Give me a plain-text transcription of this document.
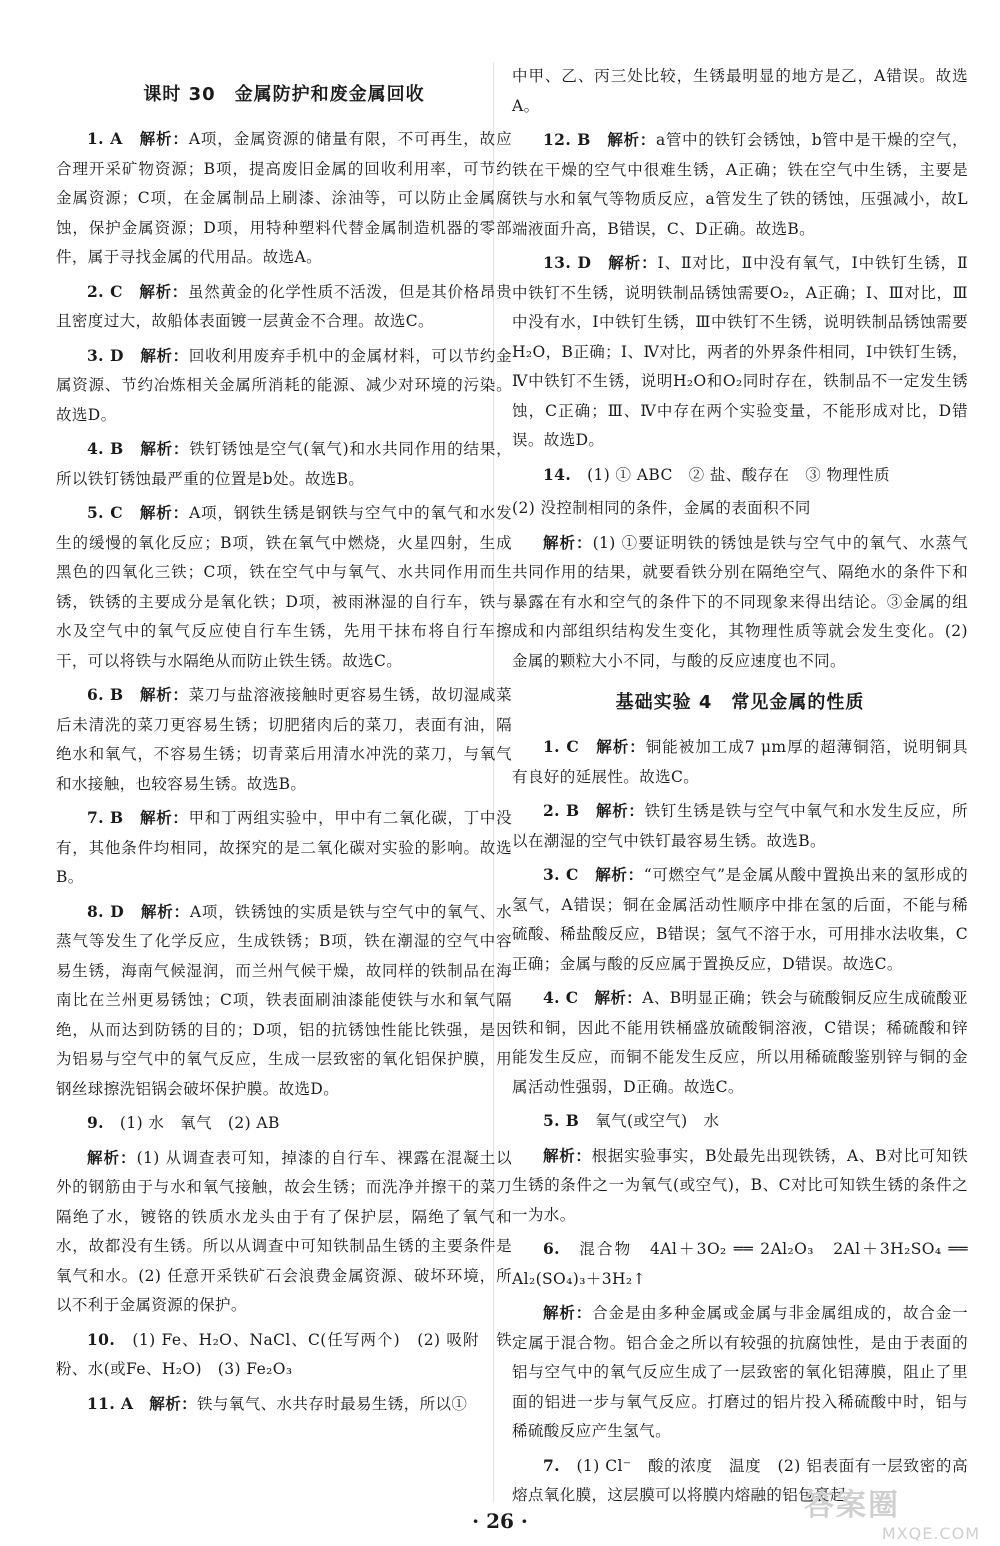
课时 30　金属防护和废金属回收

1. A　 解析：A项，金属资源的储量有限，不可再生，故应合理开采矿物资源；B项，提高废旧金属的回收利用率，可节约金属资源；C项，在金属制品上刷漆、涂油等，可以防止金属腐蚀，保护金属资源；D项，用特种塑料代替金属制造机器的零部件，属于寻找金属的代用品。故选A。

2. C　 解析：虽然黄金的化学性质不活泼，但是其价格昂贵且密度过大，故船体表面镀一层黄金不合理。故选C。

3. D　 解析：回收利用废弃手机中的金属材料，可以节约金属资源、节约冶炼相关金属所消耗的能源、减少对环境的污染。故选D。

4. B　 解析：铁钉锈蚀是空气(氧气)和水共同作用的结果，所以铁钉锈蚀最严重的位置是b处。故选B。

5. C　 解析：A项，钢铁生锈是钢铁与空气中的氧气和水发生的缓慢的氧化反应；B项，铁在氧气中燃烧，火星四射，生成黑色的四氧化三铁；C项，铁在空气中与氧气、水共同作用而生锈，铁锈的主要成分是氧化铁；D项，被雨淋湿的自行车，铁与水及空气中的氧气反应使自行车生锈，先用干抹布将自行车擦干，可以将铁与水隔绝从而防止铁生锈。故选C。

6. B　 解析：菜刀与盐溶液接触时更容易生锈，故切湿咸菜后未清洗的菜刀更容易生锈；切肥猪肉后的菜刀，表面有油，隔绝水和氧气，不容易生锈；切青菜后用清水冲洗的菜刀，与氧气和水接触，也较容易生锈。故选B。

7. B　 解析：甲和丁两组实验中，甲中有二氧化碳，丁中没有，其他条件均相同，故探究的是二氧化碳对实验的影响。故选B。

8. D　 解析：A项，铁锈蚀的实质是铁与空气中的氧气、水蒸气等发生了化学反应，生成铁锈；B项，铁在潮湿的空气中容易生锈，海南气候湿润，而兰州气候干燥，故同样的铁制品在海南比在兰州更易锈蚀；C项，铁表面刷油漆能使铁与水和氧气隔绝，从而达到防锈的目的；D项，铝的抗锈蚀性能比铁强，是因为铝易与空气中的氧气反应，生成一层致密的氧化铝保护膜，用钢丝球擦洗铝锅会破坏保护膜。故选D。

9.　 (1) 水　氧气　(2) AB

解析：(1) 从调查表可知，掉漆的自行车、裸露在混凝土以外的钢筋由于与水和氧气接触，故会生锈；而洗净并擦干的菜刀隔绝了水，镀铬的铁质水龙头由于有了保护层，隔绝了氧气和水，故都没有生锈。所以从调查中可知铁制品生锈的主要条件是氧气和水。(2) 任意开采铁矿石会浪费金属资源、破坏环境，所以不利于金属资源的保护。

10.　 (1) Fe、H₂O、NaCl、C(任写两个)　(2) 吸附　铁粉、水(或Fe、H₂O)　(3) Fe₂O₃

11. A　 解析：铁与氧气、水共存时最易生锈，所以①

中甲、乙、丙三处比较，生锈最明显的地方是乙，A错误。故选A。

12. B　 解析：a管中的铁钉会锈蚀，b管中是干燥的空气，铁在干燥的空气中很难生锈，A正确；铁在空气中生锈，主要是铁与水和氧气等物质反应，a管发生了铁的锈蚀，压强减小，故L端液面升高，B错误，C、D正确。故选B。

13. D　 解析：Ⅰ、Ⅱ对比，Ⅱ中没有氧气，Ⅰ中铁钉生锈，Ⅱ中铁钉不生锈，说明铁制品锈蚀需要O₂，A正确；Ⅰ、Ⅲ对比，Ⅲ中没有水，Ⅰ中铁钉生锈，Ⅲ中铁钉不生锈，说明铁制品锈蚀需要H₂O，B正确；Ⅰ、Ⅳ对比，两者的外界条件相同，Ⅰ中铁钉生锈，Ⅳ中铁钉不生锈，说明H₂O和O₂同时存在，铁制品不一定发生锈蚀，C正确；Ⅲ、Ⅳ中存在两个实验变量，不能形成对比，D错误。故选D。

14.　 (1) ① ABC　② 盐、酸存在　③ 物理性质

(2) 没控制相同的条件，金属的表面积不同

解析：(1) ①要证明铁的锈蚀是铁与空气中的氧气、水蒸气共同作用的结果，就要看铁分别在隔绝空气、隔绝水的条件下和暴露在有水和空气的条件下的不同现象来得出结论。③金属的组成和内部组织结构发生变化，其物理性质等就会发生变化。(2) 金属的颗粒大小不同，与酸的反应速度也不同。

基础实验 4　常见金属的性质

1. C　 解析：铜能被加工成7 μm厚的超薄铜箔，说明铜具有良好的延展性。故选C。

2. B　 解析：铁钉生锈是铁与空气中氧气和水发生反应，所以在潮湿的空气中铁钉最容易生锈。故选B。

3. C　 解析：“可燃空气”是金属从酸中置换出来的氢形成的氢气，A错误；铜在金属活动性顺序中排在氢的后面，不能与稀硫酸、稀盐酸反应，B错误；氢气不溶于水，可用排水法收集，C正确；金属与酸的反应属于置换反应，D错误。故选C。

4. C　 解析：A、B明显正确；铁会与硫酸铜反应生成硫酸亚铁和铜，因此不能用铁桶盛放硫酸铜溶液，C错误；稀硫酸和锌能发生反应，而铜不能发生反应，所以用稀硫酸鉴别锌与铜的金属活动性强弱，D正确。故选C。

5. B　 氧气(或空气)　水

解析：根据实验事实，B处最先出现铁锈，A、B对比可知铁生锈的条件之一为氧气(或空气)，B、C对比可知铁生锈的条件之一为水。

6.　 混合物　4Al＋3O₂ ══ 2Al₂O₃　2Al＋3H₂SO₄ ══ Al₂(SO₄)₃＋3H₂↑

解析：合金是由多种金属或金属与非金属组成的，故合金一定属于混合物。铝合金之所以有较强的抗腐蚀性，是由于表面的铝与空气中的氧气反应生成了一层致密的氧化铝薄膜，阻止了里面的铝进一步与氧气反应。打磨过的铝片投入稀硫酸中时，铝与稀硫酸反应产生氢气。

7.　 (1) Cl⁻　酸的浓度　温度　(2) 铝表面有一层致密的高熔点氧化膜，这层膜可以将膜内熔融的铝包裹起

· 26 ·	答案圈
MXQE.COM
